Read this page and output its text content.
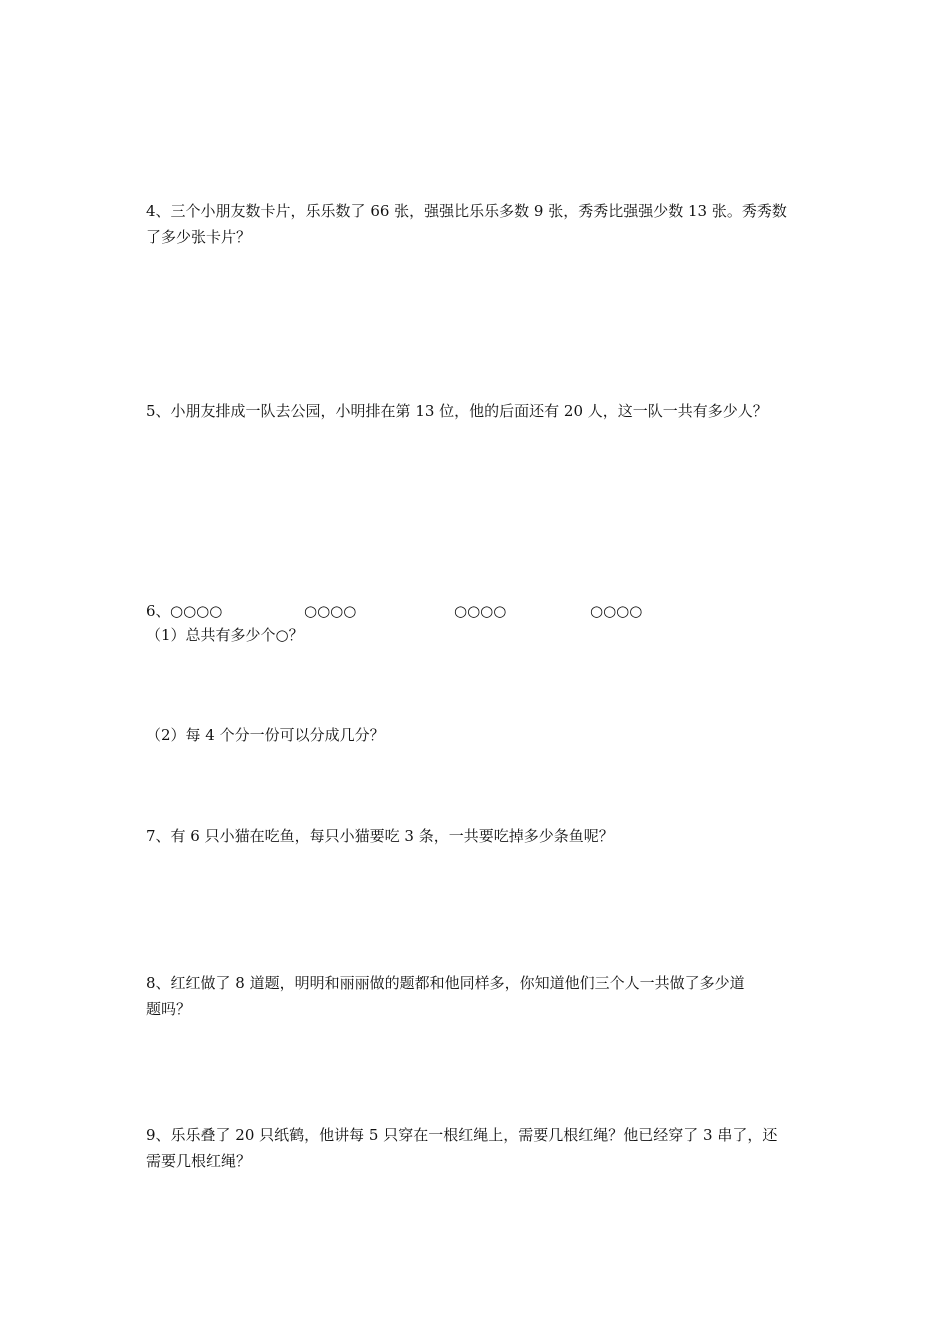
4、三个小朋友数卡片，乐乐数了 66 张，强强比乐乐多数 9 张，秀秀比强强少数 13 张。秀秀数
了多少张卡片？
5、小朋友排成一队去公园，小明排在第 13 位，他的后面还有 20 人，这一队一共有多少人？
6、 ○○○○	○○○○	○○○○	○○○○

（1）总共有多少个○？

（2）每 4 个分一份可以分成几分？

7、有 6 只小猫在吃鱼，每只小猫要吃 3 条，一共要吃掉多少条鱼呢？
8、红红做了 8 道题，明明和丽丽做的题都和他同样多，你知道他们三个人一共做了多少道
题吗？
9、乐乐叠了 20 只纸鹤，他讲每 5 只穿在一根红绳上，需要几根红绳？他已经穿了 3 串了，还
需要几根红绳？
